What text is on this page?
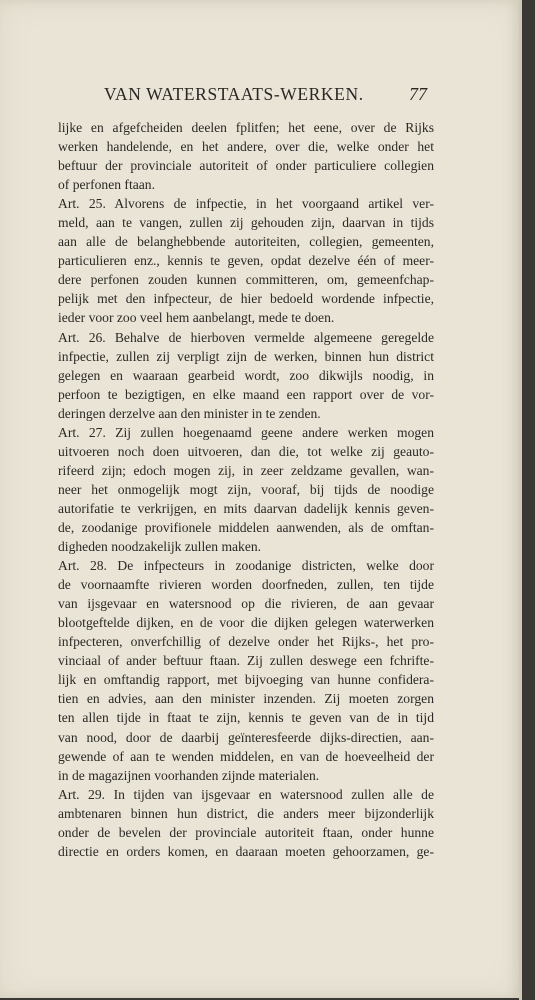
VAN WATERSTAATS-WERKEN.	77
lijke en afgefcheiden deelen fplitfen; het eene, over de Rijks
werken handelende, en het andere, over die, welke onder het
beftuur der provinciale autoriteit of onder particuliere collegien
of perfonen ftaan.
Art. 25. Alvorens de infpectie, in het voorgaand artikel ver-
meld, aan te vangen, zullen zij gehouden zijn, daarvan in tijds
aan alle de belanghebbende autoriteiten, collegien, gemeenten,
particulieren enz., kennis te geven, opdat dezelve één of meer-
dere perfonen zouden kunnen committeren, om, gemeenfchap-
pelijk met den infpecteur, de hier bedoeld wordende infpectie,
ieder voor zoo veel hem aanbelangt, mede te doen.
Art. 26. Behalve de hierboven vermelde algemeene geregelde
infpectie, zullen zij verpligt zijn de werken, binnen hun district
gelegen en waaraan gearbeid wordt, zoo dikwijls noodig, in
perfoon te bezigtigen, en elke maand een rapport over de vor-
deringen derzelve aan den minister in te zenden.
Art. 27. Zij zullen hoegenaamd geene andere werken mogen
uitvoeren noch doen uitvoeren, dan die, tot welke zij geauto-
rifeerd zijn; edoch mogen zij, in zeer zeldzame gevallen, wan-
neer het onmogelijk mogt zijn, vooraf, bij tijds de noodige
autorifatie te verkrijgen, en mits daarvan dadelijk kennis geven-
de, zoodanige provifionele middelen aanwenden, als de omftan-
digheden noodzakelijk zullen maken.
Art. 28. De infpecteurs in zoodanige districten, welke door
de voornaamfte rivieren worden doorfneden, zullen, ten tijde
van ijsgevaar en watersnood op die rivieren, de aan gevaar
blootgeftelde dijken, en de voor die dijken gelegen waterwerken
infpecteren, onverfchillig of dezelve onder het Rijks-, het pro-
vinciaal of ander beftuur ftaan. Zij zullen deswege een fchrifte-
lijk en omftandig rapport, met bijvoeging van hunne confidera-
tien en advies, aan den minister inzenden. Zij moeten zorgen
ten allen tijde in ftaat te zijn, kennis te geven van de in tijd
van nood, door de daarbij geïnteresfeerde dijks-directien, aan-
gewende of aan te wenden middelen, en van de hoeveelheid der
in de magazijnen voorhanden zijnde materialen.
Art. 29. In tijden van ijsgevaar en watersnood zullen alle de
ambtenaren binnen hun district, die anders meer bijzonderlijk
onder de bevelen der provinciale autoriteit ftaan, onder hunne
directie en orders komen, en daaraan moeten gehoorzamen, ge-
